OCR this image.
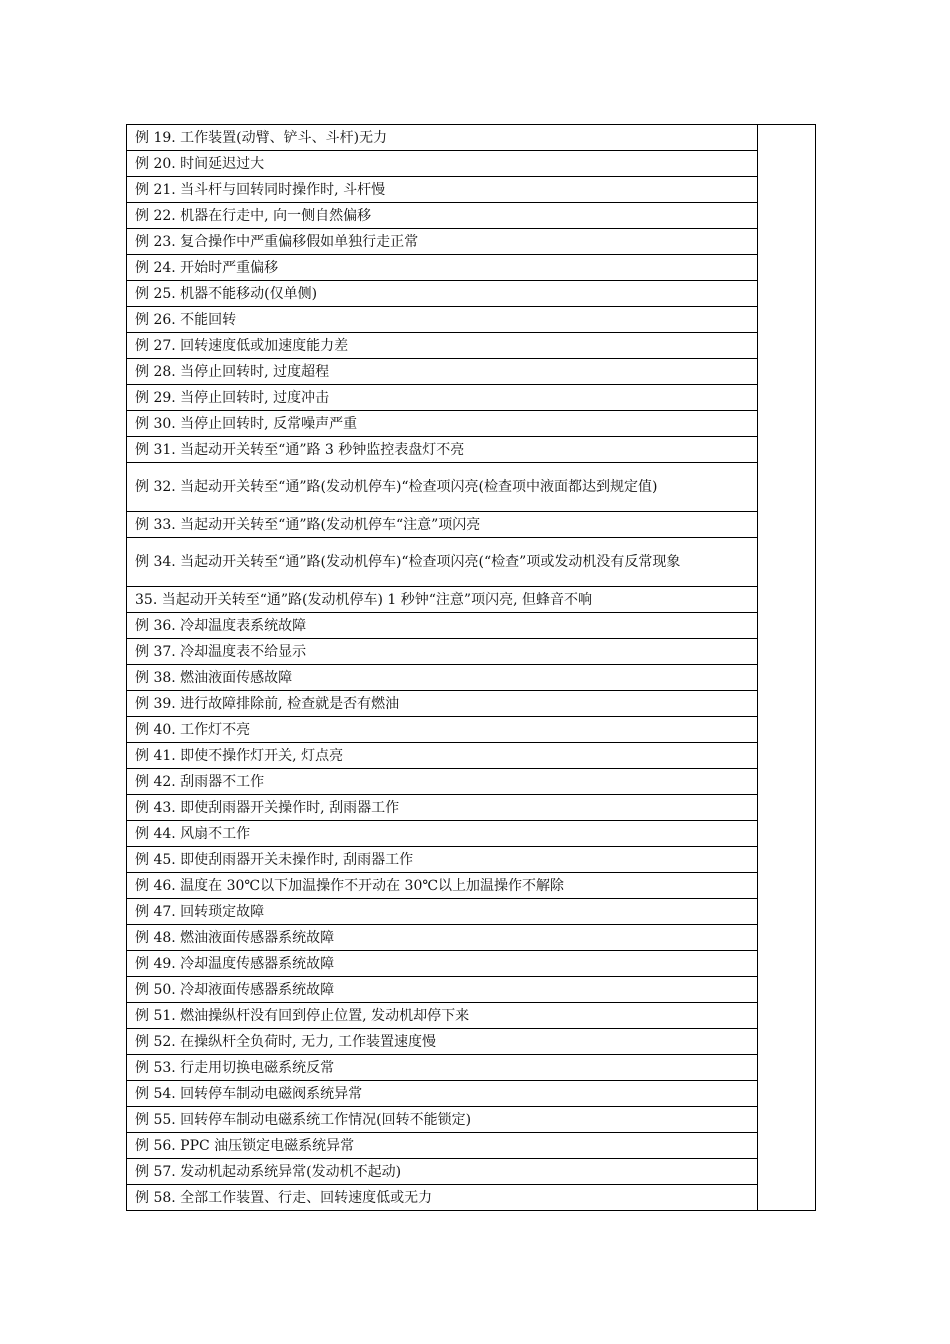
例 19. 工作装置(动臂、铲斗、斗杆)无力	
例 20. 时间延迟过大
例 21. 当斗杆与回转同时操作时, 斗杆慢
例 22. 机器在行走中, 向一侧自然偏移
例 23. 复合操作中严重偏移假如单独行走正常
例 24. 开始时严重偏移
例 25. 机器不能移动(仅单侧)
例 26. 不能回转
例 27. 回转速度低或加速度能力差
例 28. 当停止回转时, 过度超程
例 29. 当停止回转时, 过度冲击
例 30. 当停止回转时, 反常噪声严重
例 31. 当起动开关转至“通”路 3 秒钟监控表盘灯不亮
例 32. 当起动开关转至“通”路(发动机停车)“检查项闪亮(检查项中液面都达到规定值)
例 33. 当起动开关转至“通”路(发动机停车“注意”项闪亮
例 34. 当起动开关转至“通”路(发动机停车)“检查项闪亮(“检查”项或发动机没有反常现象
35. 当起动开关转至“通”路(发动机停车) 1 秒钟“注意”项闪亮, 但蜂音不响
例 36. 冷却温度表系统故障
例 37. 冷却温度表不给显示
例 38. 燃油液面传感故障
例 39. 进行故障排除前, 检查就是否有燃油
例 40. 工作灯不亮
例 41. 即使不操作灯开关, 灯点亮
例 42. 刮雨器不工作
例 43. 即使刮雨器开关操作时, 刮雨器工作
例 44. 风扇不工作
例 45. 即使刮雨器开关未操作时, 刮雨器工作
例 46. 温度在 30℃以下加温操作不开动在 30℃以上加温操作不解除
例 47. 回转琐定故障
例 48. 燃油液面传感器系统故障
例 49. 冷却温度传感器系统故障
例 50. 冷却液面传感器系统故障
例 51. 燃油操纵杆没有回到停止位置, 发动机却停下来
例 52. 在操纵杆全负荷时, 无力, 工作装置速度慢
例 53. 行走用切换电磁系统反常
例 54. 回转停车制动电磁阀系统异常
例 55. 回转停车制动电磁系统工作情况(回转不能锁定)
例 56. PPC 油压锁定电磁系统异常
例 57. 发动机起动系统异常(发动机不起动)
例 58. 全部工作装置、行走、回转速度低或无力
